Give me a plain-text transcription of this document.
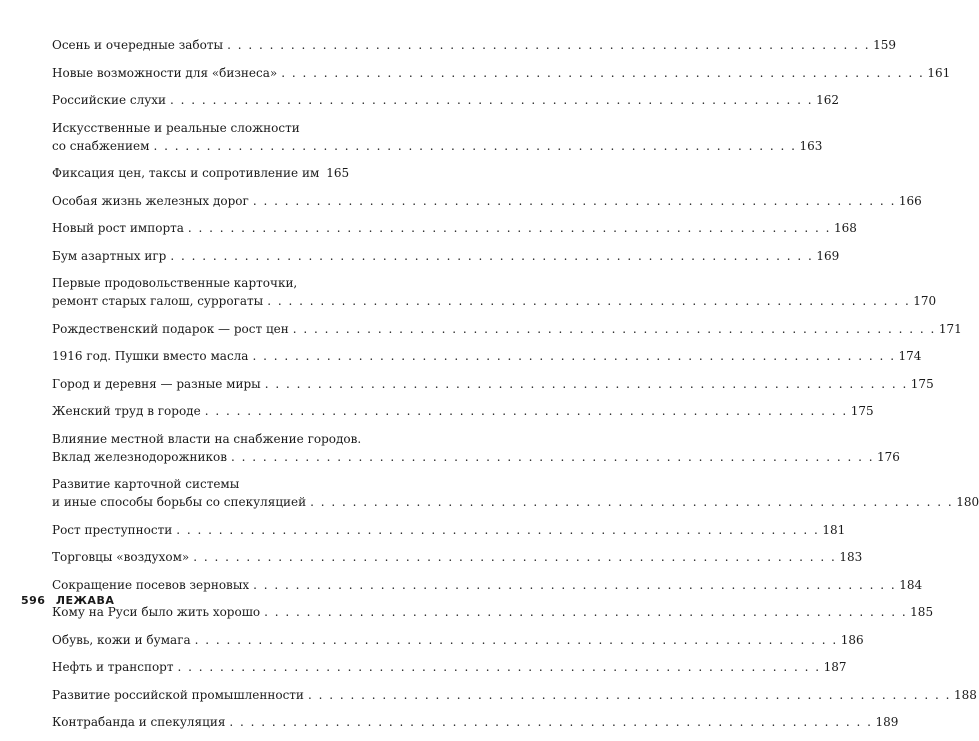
Осень и очередные заботы . . . . . . . . . . . . . . . . . . . . . . . . . . . . . . . . . . . . . . . . . . . . . . . . . . . . . . . . . . . . . 159
Новые возможности для «бизнеса» . . . . . . . . . . . . . . . . . . . . . . . . . . . . . . . . . . . . . . . . . . . . . . . . . . . . . . . . . . . . . 161
Российские слухи . . . . . . . . . . . . . . . . . . . . . . . . . . . . . . . . . . . . . . . . . . . . . . . . . . . . . . . . . . . . . 162
Искусственные и реальные сложности
со снабжением . . . . . . . . . . . . . . . . . . . . . . . . . . . . . . . . . . . . . . . . . . . . . . . . . . . . . . . . . . . . . 163
Фиксация цен, таксы и сопротивление им 165
Особая жизнь железных дорог . . . . . . . . . . . . . . . . . . . . . . . . . . . . . . . . . . . . . . . . . . . . . . . . . . . . . . . . . . . . . 166
Новый рост импорта . . . . . . . . . . . . . . . . . . . . . . . . . . . . . . . . . . . . . . . . . . . . . . . . . . . . . . . . . . . . . 168
Бум азартных игр . . . . . . . . . . . . . . . . . . . . . . . . . . . . . . . . . . . . . . . . . . . . . . . . . . . . . . . . . . . . . 169
Первые продовольственные карточки,
ремонт старых галош, суррогаты . . . . . . . . . . . . . . . . . . . . . . . . . . . . . . . . . . . . . . . . . . . . . . . . . . . . . . . . . . . . . 170
Рождественский подарок — рост цен . . . . . . . . . . . . . . . . . . . . . . . . . . . . . . . . . . . . . . . . . . . . . . . . . . . . . . . . . . . . . 171
1916 год. Пушки вместо масла . . . . . . . . . . . . . . . . . . . . . . . . . . . . . . . . . . . . . . . . . . . . . . . . . . . . . . . . . . . . . 174
Город и деревня — разные миры . . . . . . . . . . . . . . . . . . . . . . . . . . . . . . . . . . . . . . . . . . . . . . . . . . . . . . . . . . . . . 175
Женский труд в городе . . . . . . . . . . . . . . . . . . . . . . . . . . . . . . . . . . . . . . . . . . . . . . . . . . . . . . . . . . . . . 175
Влияние местной власти на снабжение городов.
Вклад железнодорожников . . . . . . . . . . . . . . . . . . . . . . . . . . . . . . . . . . . . . . . . . . . . . . . . . . . . . . . . . . . . . 176
Развитие карточной системы
и иные способы борьбы со спекуляцией . . . . . . . . . . . . . . . . . . . . . . . . . . . . . . . . . . . . . . . . . . . . . . . . . . . . . . . . . . . . . 180
Рост преступности . . . . . . . . . . . . . . . . . . . . . . . . . . . . . . . . . . . . . . . . . . . . . . . . . . . . . . . . . . . . . 181
Торговцы «воздухом» . . . . . . . . . . . . . . . . . . . . . . . . . . . . . . . . . . . . . . . . . . . . . . . . . . . . . . . . . . . . . 183
Сокращение посевов зерновых . . . . . . . . . . . . . . . . . . . . . . . . . . . . . . . . . . . . . . . . . . . . . . . . . . . . . . . . . . . . . 184
Кому на Руси было жить хорошо . . . . . . . . . . . . . . . . . . . . . . . . . . . . . . . . . . . . . . . . . . . . . . . . . . . . . . . . . . . . . 185
Обувь, кожи и бумага . . . . . . . . . . . . . . . . . . . . . . . . . . . . . . . . . . . . . . . . . . . . . . . . . . . . . . . . . . . . . 186
Нефть и транспорт . . . . . . . . . . . . . . . . . . . . . . . . . . . . . . . . . . . . . . . . . . . . . . . . . . . . . . . . . . . . . 187
Развитие российской промышленности . . . . . . . . . . . . . . . . . . . . . . . . . . . . . . . . . . . . . . . . . . . . . . . . . . . . . . . . . . . . . 188
Контрабанда и спекуляция . . . . . . . . . . . . . . . . . . . . . . . . . . . . . . . . . . . . . . . . . . . . . . . . . . . . . . . . . . . . . 189
596 ЛЕЖАВА
